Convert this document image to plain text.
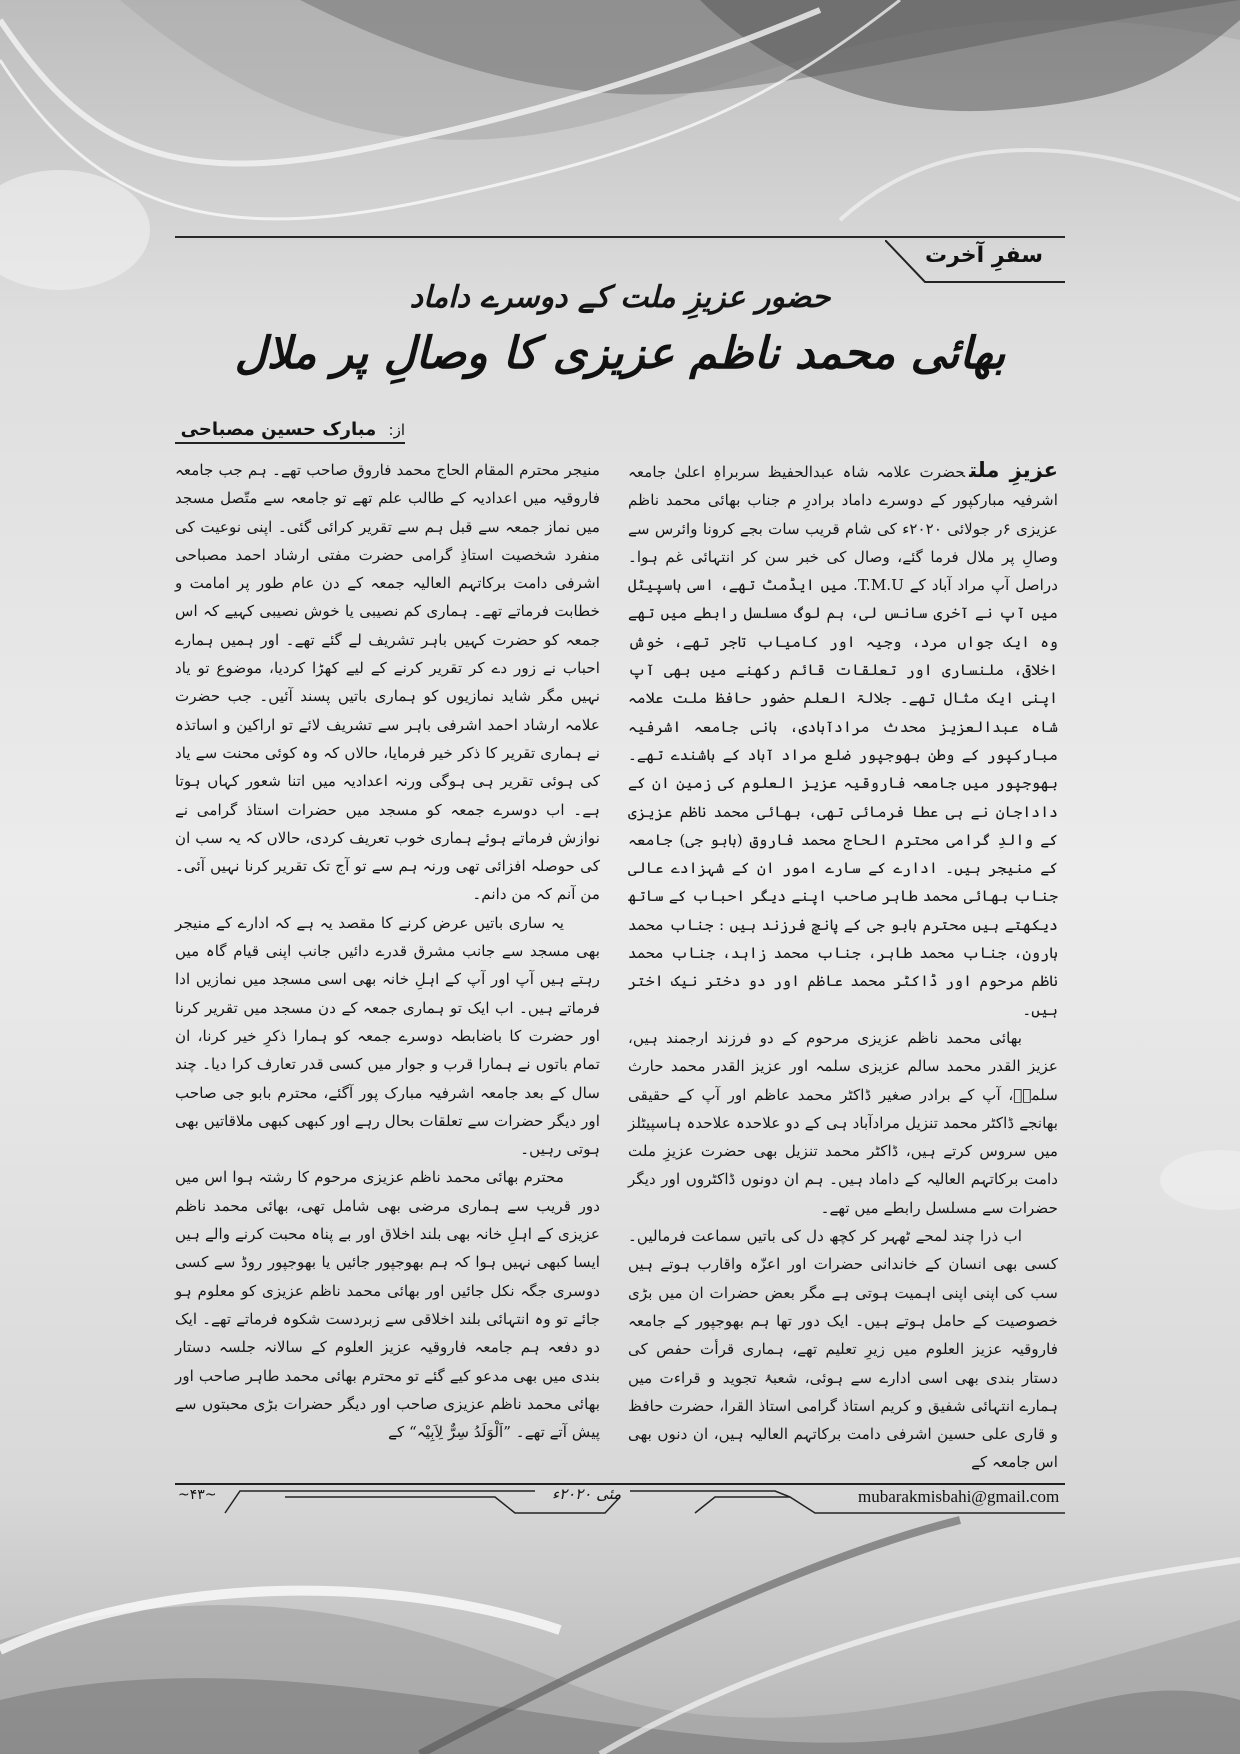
سفرِ آخرت
حضور عزیزِ ملت کے دوسرے داماد
بھائی محمد ناظم عزیزی کا وصالِ پر ملال
از: مبارک حسین مصباحی

عزیزِ ملتحضرت علامہ شاہ عبدالحفیظ سربراہِ اعلیٰ جامعہ اشرفیہ مبارکپور کے دوسرے داماد برادرِ م جناب بھائی محمد ناظم عزیزی ۶ر جولائی ۲۰۲۰ء کی شام قریب سات بجے کرونا وائرس سے وصالِ پر ملال فرما گئے، وصال کی خبر سن کر انتہائی غم ہوا۔ دراصل آپ مراد آباد کے T.M.U. میں ایڈمٹ تھے، اسی ہاسپیٹل میں آپ نے آخری سانس لی، ہم لوگ مسلسل رابطے میں تھے وہ ایک جواں مرد، وجیہ اور کامیاب تاجر تھے، خوش اخلاقی، ملنساری اور تعلقات قائم رکھنے میں بھی آپ اپنی ایک مثال تھے۔ جلالۃ العلم حضور حافظ ملت علامہ شاہ عبدالعزیز محدث مرادآبادی، بانی جامعہ اشرفیہ مبارکپور کے وطن بھوجپور ضلع مراد آباد کے باشندے تھے۔ بھوجپور میں جامعہ فاروقیہ عزیز العلوم کی زمین ان کے داداجان نے ہی عطا فرمائی تھی، بھائی محمد ناظم عزیزی کے والدِ گرامی محترم الحاج محمد فاروق (بابو جی) جامعہ کے منیجر ہیں۔ ادارے کے سارے امور ان کے شہزادے عالی جناب بھائی محمد طاہر صاحب اپنے دیگر احباب کے ساتھ دیکھتے ہیں محترم بابو جی کے پانچ فرزند ہیں : جناب محمد ہارون، جناب محمد طاہر، جناب محمد زاہد، جناب محمد ناظم مرحوم اور ڈاکٹر محمد عاظم اور دو دختر نیک اختر ہیں۔

بھائی محمد ناظم عزیزی مرحوم کے دو فرزند ارجمند ہیں، عزیز القدر محمد سالم عزیزی سلمہ اور عزیز القدر محمد حارث سلمہٗ، آپ کے برادر صغیر ڈاکٹر محمد عاظم اور آپ کے حقیقی بھانجے ڈاکٹر محمد تنزیل مرادآباد ہی کے دو علاحدہ علاحدہ ہاسپیٹلز میں سروس کرتے ہیں، ڈاکٹر محمد تنزیل بھی حضرت عزیزِ ملت دامت برکاتہم العالیہ کے داماد ہیں۔ ہم ان دونوں ڈاکٹروں اور دیگر حضرات سے مسلسل رابطے میں تھے۔

اب ذرا چند لمحے ٹھہر کر کچھ دل کی باتیں سماعت فرمالیں۔ کسی بھی انسان کے خاندانی حضرات اور اعزّہ واقارب ہوتے ہیں سب کی اپنی اپنی اہمیت ہوتی ہے مگر بعض حضرات ان میں بڑی خصوصیت کے حامل ہوتے ہیں۔ ایک دور تھا ہم بھوجپور کے جامعہ فاروقیہ عزیز العلوم میں زیرِ تعلیم تھے، ہماری قرأت حفص کی دستار بندی بھی اسی ادارے سے ہوئی، شعبۂ تجوید و قراءت میں ہمارے انتہائی شفیق و کریم استاذ گرامی استاذ القرا، حضرت حافظ و قاری علی حسین اشرفی دامت برکاتہم العالیہ ہیں، ان دنوں بھی اس جامعہ کے

منیجر محترم المقام الحاج محمد فاروق صاحب تھے۔ ہم جب جامعہ فاروقیہ میں اعدادیہ کے طالب علم تھے تو جامعہ سے متّصل مسجد میں نماز جمعہ سے قبل ہم سے تقریر کرائی گئی۔ اپنی نوعیت کی منفرد شخصیت استاذِ گرامی حضرت مفتی ارشاد احمد مصباحی اشرفی دامت برکاتہم العالیہ جمعہ کے دن عام طور پر امامت و خطابت فرماتے تھے۔ ہماری کم نصیبی یا خوش نصیبی کہیے کہ اس جمعہ کو حضرت کہیں باہر تشریف لے گئے تھے۔ اور ہمیں ہمارے احباب نے زور دے کر تقریر کرنے کے لیے کھڑا کردیا، موضوع تو یاد نہیں مگر شاید نمازیوں کو ہماری باتیں پسند آئیں۔ جب حضرت علامہ ارشاد احمد اشرفی باہر سے تشریف لائے تو اراکین و اساتذہ نے ہماری تقریر کا ذکر خیر فرمایا، حالاں کہ وہ کوئی محنت سے یاد کی ہوئی تقریر ہی ہوگی ورنہ اعدادیہ میں اتنا شعور کہاں ہوتا ہے۔ اب دوسرے جمعہ کو مسجد میں حضرات استاذ گرامی نے نوازش فرماتے ہوئے ہماری خوب تعریف کردی، حالاں کہ یہ سب ان کی حوصلہ افزائی تھی ورنہ ہم سے تو آج تک تقریر کرنا نہیں آئی۔ من آنم کہ من دانم۔

یہ ساری باتیں عرض کرنے کا مقصد یہ ہے کہ ادارے کے منیجر بھی مسجد سے جانب مشرق قدرے دائیں جانب اپنی قیام گاہ میں رہتے ہیں آپ اور آپ کے اہلِ خانہ بھی اسی مسجد میں نمازیں ادا فرماتے ہیں۔ اب ایک تو ہماری جمعہ کے دن مسجد میں تقریر کرنا اور حضرت کا باضابطہ دوسرے جمعہ کو ہمارا ذکرِ خیر کرنا، ان تمام باتوں نے ہمارا قرب و جوار میں کسی قدر تعارف کرا دیا۔ چند سال کے بعد جامعہ اشرفیہ مبارک پور آگئے، محترم بابو جی صاحب اور دیگر حضرات سے تعلقات بحال رہے اور کبھی کبھی ملاقاتیں بھی ہوتی رہیں۔

محترم بھائی محمد ناظم عزیزی مرحوم کا رشتہ ہوا اس میں دور قریب سے ہماری مرضی بھی شامل تھی، بھائی محمد ناظم عزیزی کے اہلِ خانہ بھی بلند اخلاق اور بے پناہ محبت کرنے والے ہیں ایسا کبھی نہیں ہوا کہ ہم بھوجپور جائیں یا بھوجپور روڈ سے کسی دوسری جگہ نکل جائیں اور بھائی محمد ناظم عزیزی کو معلوم ہو جائے تو وہ انتہائی بلند اخلاقی سے زبردست شکوہ فرماتے تھے۔ ایک دو دفعہ ہم جامعہ فاروقیہ عزیز العلوم کے سالانہ جلسہ دستار بندی میں بھی مدعو کیے گئے تو محترم بھائی محمد طاہر صاحب اور بھائی محمد ناظم عزیزی صاحب اور دیگر حضرات بڑی محبتوں سے پیش آتے تھے۔ ”اَلْوَلَدُ سِرٌّ لِاَبِیْہ“ کے

~۴۳~	مئی ۲۰۲۰ء	mubarakmisbahi@gmail.com
